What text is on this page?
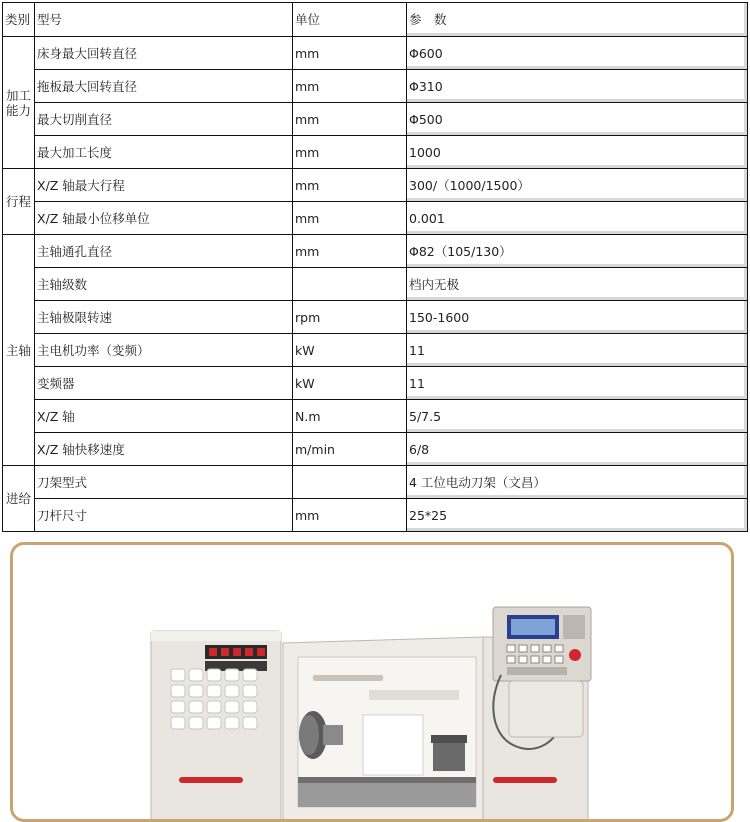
类别	型号	单位	参　数
加工能力	床身最大回转直径	mm	Φ600
	拖板最大回转直径	mm	Φ310
	最大切削直径	mm	Φ500
	最大加工长度	mm	1000
行程	X/Z 轴最大行程	mm	300/（1000/1500）
	X/Z 轴最小位移单位	mm	0.001
主轴	主轴通孔直径	mm	Φ82（105/130）
	主轴级数		档内无极
	主轴极限转速	rpm	150-1600
	主电机功率（变频）	kW	11
	变频器	kW	11
	X/Z 轴	N.m	5/7.5
	X/Z 轴快移速度	m/min	6/8
进给	刀架型式		4 工位电动刀架（文昌）
	刀杆尺寸	mm	25*25
